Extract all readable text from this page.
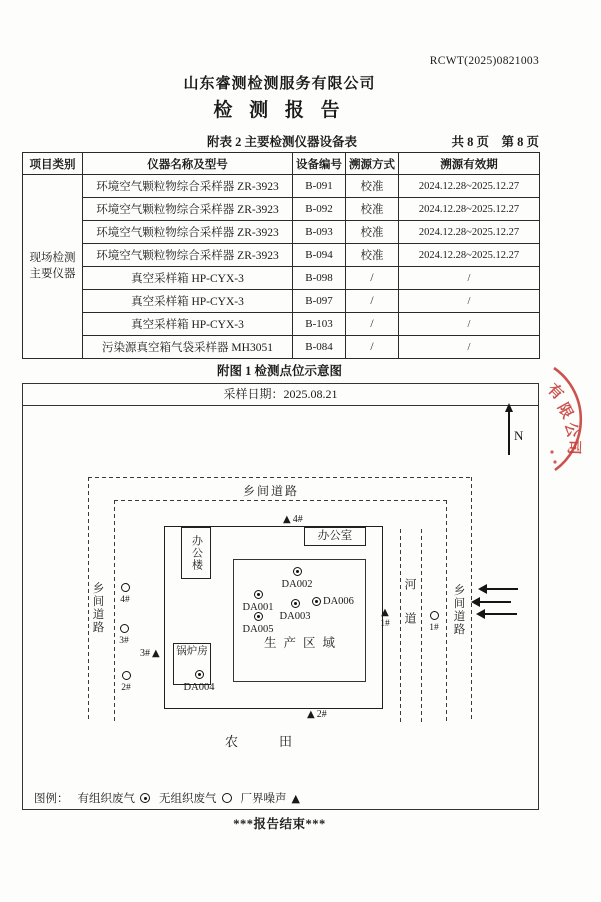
RCWT(2025)0821003
山东睿测检测服务有限公司
检 测 报 告
附表 2 主要检测仪器设备表	共 8 页　第 8 页
项目类别	仪器名称及型号	设备编号	溯源方式	溯源有效期
现场检测
主要仪器	环境空气颗粒物综合采样器 ZR-3923	B-091	校准	2024.12.28~2025.12.27
	环境空气颗粒物综合采样器 ZR-3923	B-092	校准	2024.12.28~2025.12.27
	环境空气颗粒物综合采样器 ZR-3923	B-093	校准	2024.12.28~2025.12.27
	环境空气颗粒物综合采样器 ZR-3923	B-094	校准	2024.12.28~2025.12.27
	真空采样箱 HP-CYX-3	B-098	/	/
	真空采样箱 HP-CYX-3	B-097	/	/
	真空采样箱 HP-CYX-3	B-103	/	/
	污染源真空箱气袋采样器 MH3051	B-084	/	/
附图 1 检测点位示意图
采样日期：2025.08.21
N
乡间道路
乡间道路	乡间道路
河道
办公楼	办公室
生产区域
锅炉房
DA002
DA001
DA003
DA006
DA005
DA004
▲ 4#
▲
1#
3# ▲
▲ 2#
4#
3#
2#
1#
农田
图例： 有组织废气 无组织废气 厂界噪声 ▲
有
限
公
司
***报告结束***
